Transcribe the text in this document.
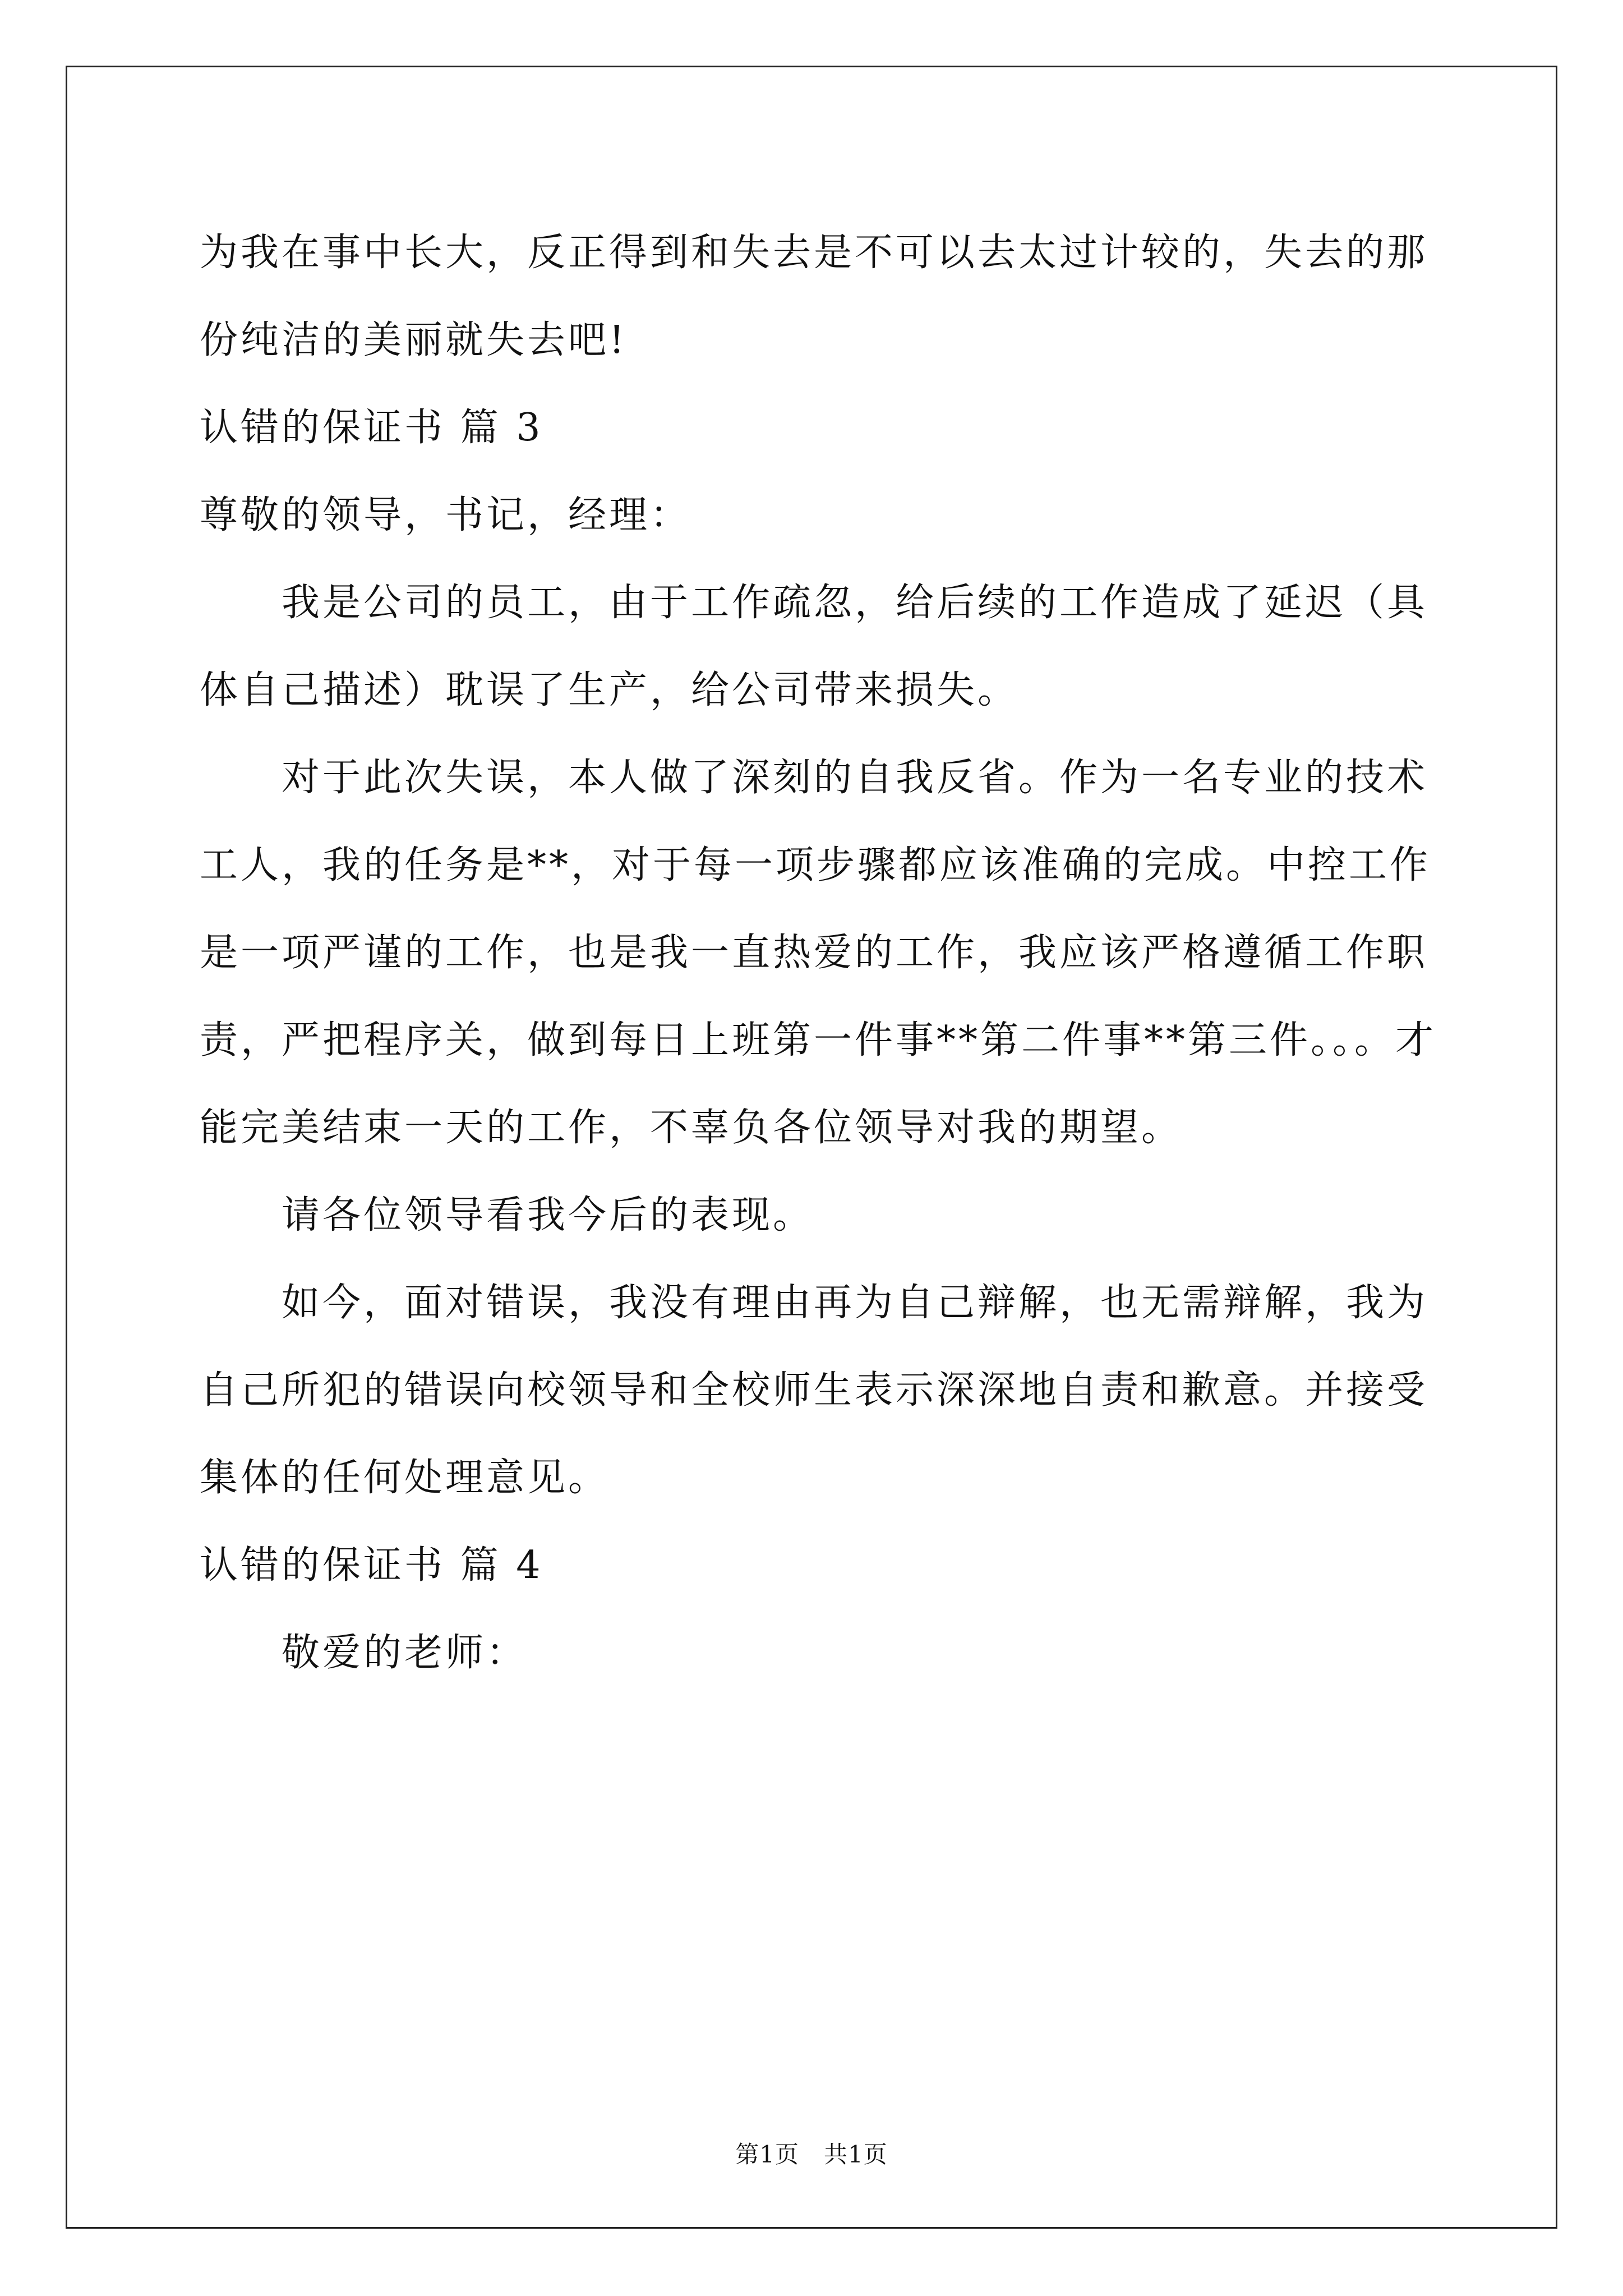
为我在事中长大，反正得到和失去是不可以去太过计较的，失去的那
份纯洁的美丽就失去吧!
认错的保证书 篇 3
尊敬的领导，书记，经理：
我是公司的员工，由于工作疏忽，给后续的工作造成了延迟（具
体自己描述）耽误了生产，给公司带来损失。
对于此次失误，本人做了深刻的自我反省。作为一名专业的技术
工人，我的任务是**，对于每一项步骤都应该准确的完成。中控工作
是一项严谨的工作，也是我一直热爱的工作，我应该严格遵循工作职
责，严把程序关，做到每日上班第一件事**第二件事**第三件。。。才
能完美结束一天的工作，不辜负各位领导对我的期望。
请各位领导看我今后的表现。
如今，面对错误，我没有理由再为自己辩解，也无需辩解，我为
自己所犯的错误向校领导和全校师生表示深深地自责和歉意。并接受
集体的任何处理意见。
认错的保证书 篇 4
敬爱的老师：
第1页 共1页
